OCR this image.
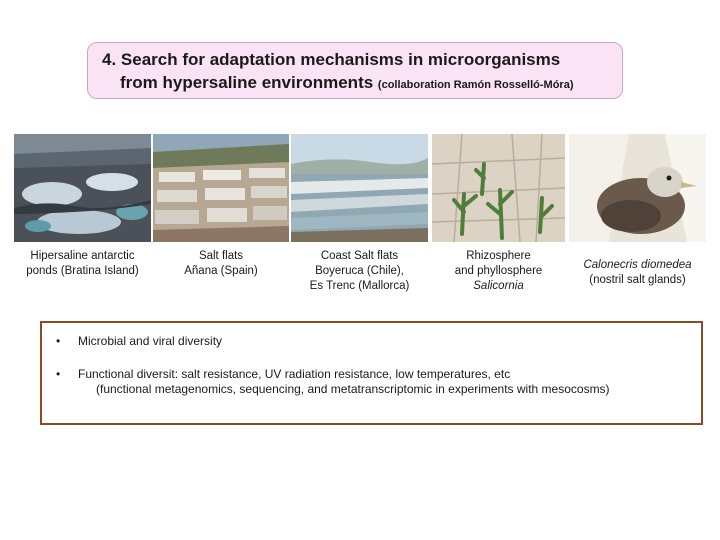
4. Search for adaptation mechanisms in microorganisms
from hypersaline environments (collaboration Ramón Rosselló-Móra)
Hipersaline antarctic
ponds (Bratina Island)
Salt flats
Añana (Spain)
Coast Salt flats
Boyeruca (Chile),
Es Trenc (Mallorca)
Rhizosphere
and phyllosphere
Salicornia
Calonecris diomedea
(nostril salt glands)
• Microbial and viral diversity
• Functional diversit: salt resistance, UV radiation resistance, low temperatures, etc
(functional metagenomics, sequencing, and metatranscriptomic in experiments with mesocosms)
